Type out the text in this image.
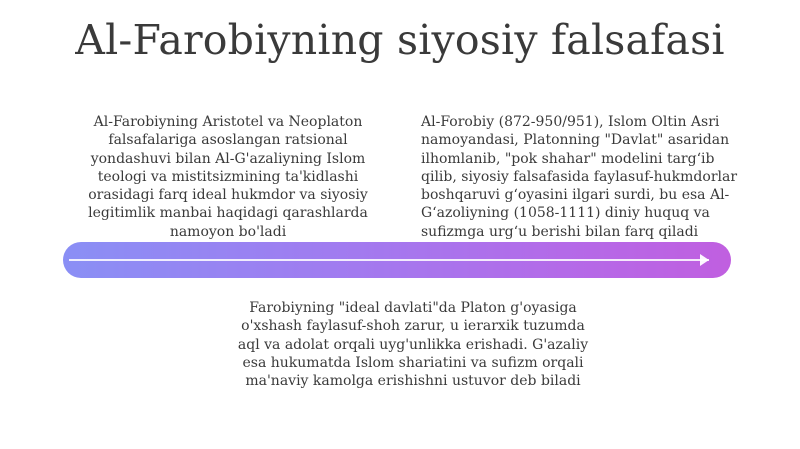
Al-Farobiyning siyosiy falsafasi
Al-Farobiyning Aristotel va Neoplaton falsafalariga asoslangan ratsional yondashuvi bilan Al-G'azaliyning Islom teologi va mistitsizmining ta'kidlashi orasidagi farq ideal hukmdor va siyosiy legitimlik manbai haqidagi qarashlarda namoyon bo'ladi
Al-Forobiy (872-950/951), Islom Oltin Asri namoyandasi, Platonning "Davlat" asaridan ilhomlanib, "pok shahar" modelini targʻib qilib, siyosiy falsafasida faylasuf-hukmdorlar boshqaruvi gʻoyasini ilgari surdi, bu esa Al-Gʻazoliyning (1058-1111) diniy huquq va sufizmga urgʻu berishi bilan farq qiladi
Farobiyning "ideal davlati"da Platon g'oyasiga o'xshash faylasuf-shoh zarur, u ierarxik tuzumda aql va adolat orqali uyg'unlikka erishadi. G'azaliy esa hukumatda Islom shariatini va sufizm orqali ma'naviy kamolga erishishni ustuvor deb biladi
